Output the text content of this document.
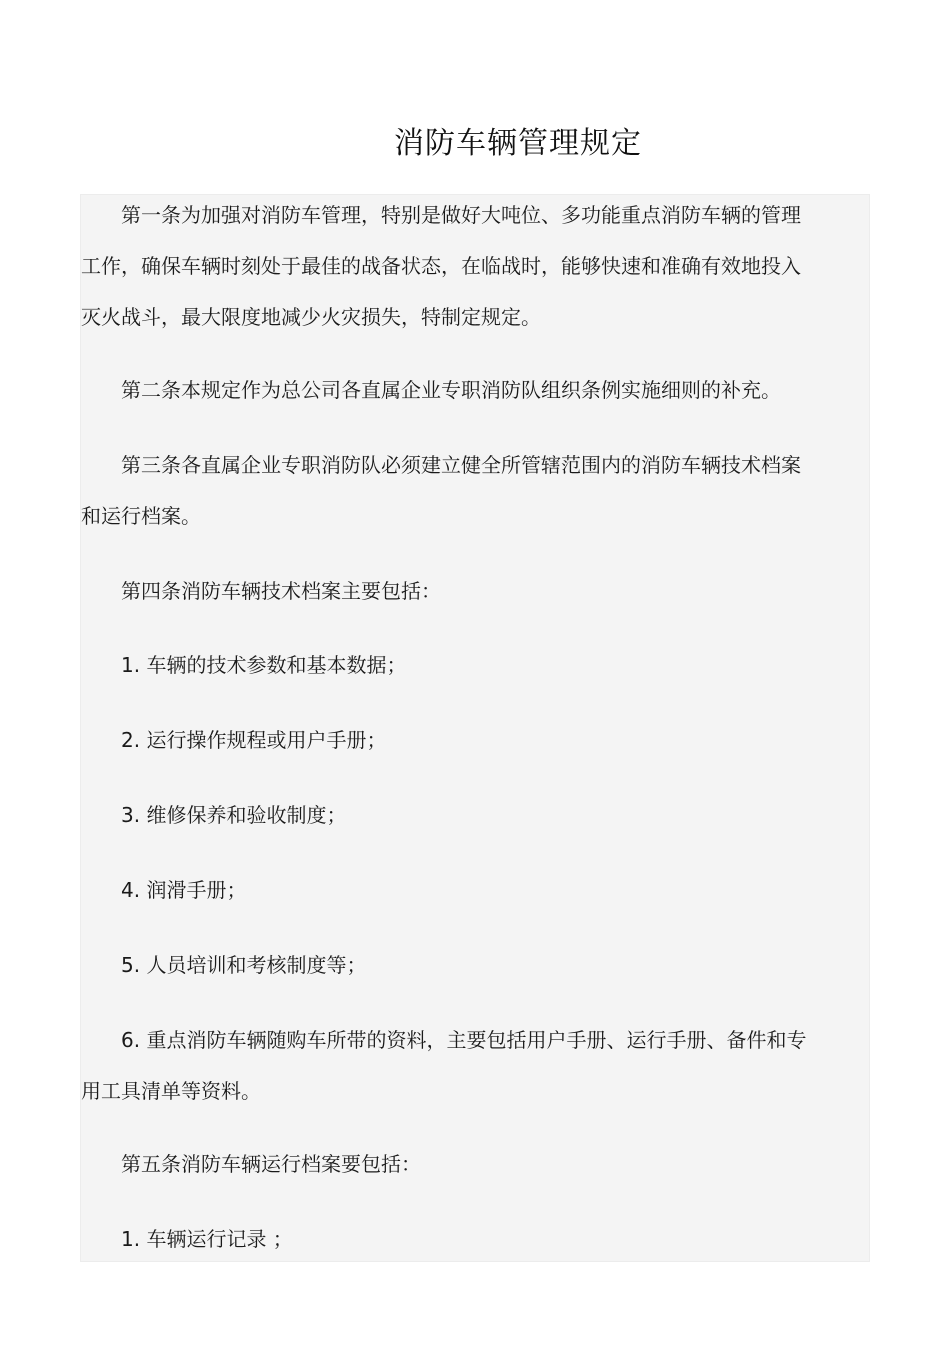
消防车辆管理规定

第一条为加强对消防车管理，特别是做好大吨位、多功能重点消防车辆的管理工作，确保车辆时刻处于最佳的战备状态，在临战时，能够快速和准确有效地投入灭火战斗，最大限度地减少火灾损失，特制定规定。

第二条本规定作为总公司各直属企业专职消防队组织条例实施细则的补充。

第三条各直属企业专职消防队必须建立健全所管辖范围内的消防车辆技术档案和运行档案。

第四条消防车辆技术档案主要包括：

1. 车辆的技术参数和基本数据；

2. 运行操作规程或用户手册；

3. 维修保养和验收制度；

4. 润滑手册；

5. 人员培训和考核制度等；

6. 重点消防车辆随购车所带的资料，主要包括用户手册、运行手册、备件和专用工具清单等资料。

第五条消防车辆运行档案要包括：

1. 车辆运行记录 ；
